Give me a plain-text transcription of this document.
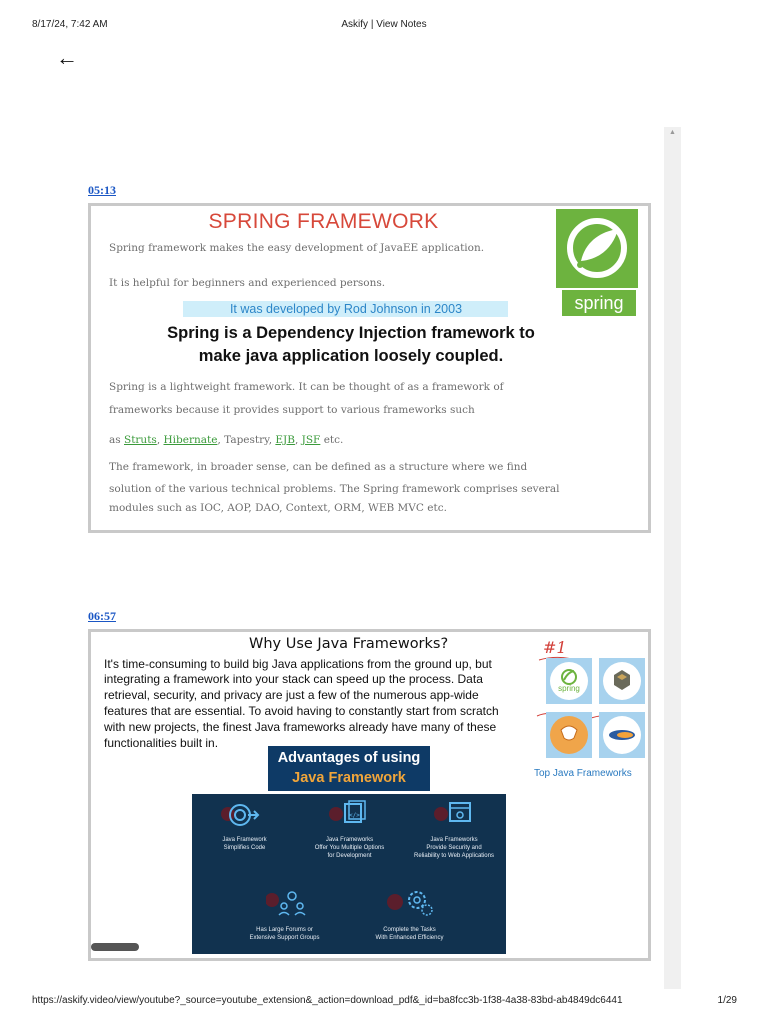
8/17/24, 7:42 AM	Askify | View Notes
←
▲
05:13
SPRING FRAMEWORK
Spring framework makes the easy development of JavaEE application.
It is helpful for beginners and experienced persons.
It was developed by Rod Johnson in 2003
Spring is a Dependency Injection framework to
make java application loosely coupled.
Spring is a lightweight framework. It can be thought of as a framework of
frameworks because it provides support to various frameworks such
as Struts, Hibernate, Tapestry, EJB, JSF etc.
The framework, in broader sense, can be defined as a structure where we find
solution of the various technical problems. The Spring framework comprises several
modules such as IOC, AOP, DAO, Context, ORM, WEB MVC etc.
spring
06:57
Why Use Java Frameworks?
It's time-consuming to build big Java applications from the ground up, but
integrating a framework into your stack can speed up the process. Data
retrieval, security, and privacy are just a few of the numerous app-wide
features that are essential. To avoid having to constantly start from scratch
with new projects, the finest Java frameworks already have many of these
functionalities built in.
Advantages of using
Java Framework
Java Framework
Simplifies Code
</>
Java Frameworks
Offer You Multiple Options
for Development
Java Frameworks
Provide Security and
Reliability to Web Applications
Has Large Forums or
Extensive Support Groups
Complete the Tasks
With Enhanced Efficiency
#1
spring
Top Java Frameworks
https://askify.video/view/youtube?_source=youtube_extension&_action=download_pdf&_id=ba8fcc3b-1f38-4a38-83bd-ab4849dc6441	1/29
